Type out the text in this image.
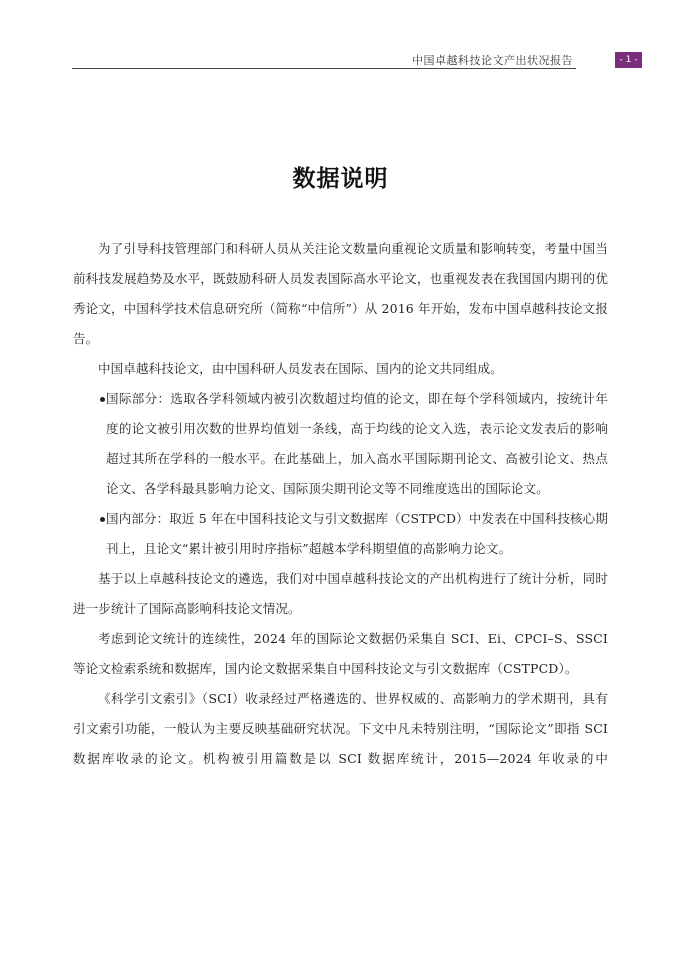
中国卓越科技论文产出状况报告	- 1 -
数据说明

为了引导科技管理部门和科研人员从关注论文数量向重视论文质量和影响转变，考量中国当前科技发展趋势及水平，既鼓励科研人员发表国际高水平论文，也重视发表在我国国内期刊的优秀论文，中国科学技术信息研究所（简称“中信所”）从 2016 年开始，发布中国卓越科技论文报告。

中国卓越科技论文，由中国科研人员发表在国际、国内的论文共同组成。

国际部分：选取各学科领域内被引次数超过均值的论文，即在每个学科领域内，按统计年度的论文被引用次数的世界均值划一条线，高于均线的论文入选，表示论文发表后的影响超过其所在学科的一般水平。在此基础上，加入高水平国际期刊论文、高被引论文、热点论文、各学科最具影响力论文、国际顶尖期刊论文等不同维度选出的国际论文。

国内部分：取近 5 年在中国科技论文与引文数据库（CSTPCD）中发表在中国科技核心期刊上，且论文“累计被引用时序指标”超越本学科期望值的高影响力论文。

基于以上卓越科技论文的遴选，我们对中国卓越科技论文的产出机构进行了统计分析，同时进一步统计了国际高影响科技论文情况。

考虑到论文统计的连续性，2024 年的国际论文数据仍采集自 SCI、Ei、CPCI–S、SSCI 等论文检索系统和数据库，国内论文数据采集自中国科技论文与引文数据库（CSTPCD）。

《科学引文索引》（SCI）收录经过严格遴选的、世界权威的、高影响力的学术期刊，具有引文索引功能，一般认为主要反映基础研究状况。下文中凡未特别注明，“国际论文”即指 SCI 数据库收录的论文。机构被引用篇数是以 SCI 数据库统计，2015—2024 年收录的中
